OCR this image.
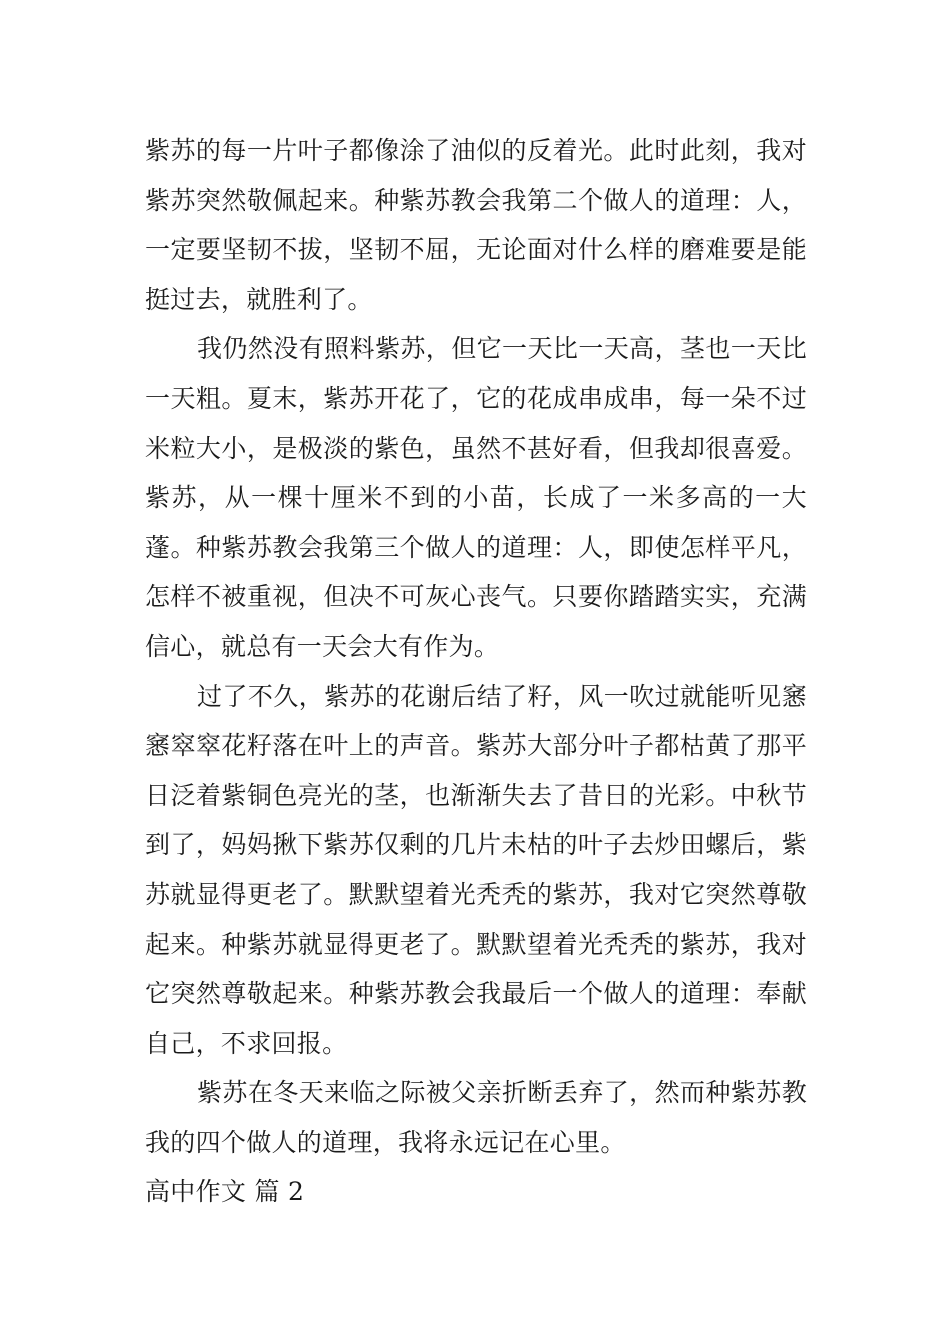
紫苏的每一片叶子都像涂了油似的反着光。此时此刻，我对紫苏突然敬佩起来。种紫苏教会我第二个做人的道理：人，一定要坚韧不拔，坚韧不屈，无论面对什么样的磨难要是能挺过去，就胜利了。

我仍然没有照料紫苏，但它一天比一天高，茎也一天比一天粗。夏末，紫苏开花了，它的花成串成串，每一朵不过米粒大小，是极淡的紫色，虽然不甚好看，但我却很喜爱。紫苏，从一棵十厘米不到的小苗，长成了一米多高的一大蓬。种紫苏教会我第三个做人的道理：人，即使怎样平凡，怎样不被重视，但决不可灰心丧气。只要你踏踏实实，充满信心，就总有一天会大有作为。

过了不久，紫苏的花谢后结了籽，风一吹过就能听见窸窸窣窣花籽落在叶上的声音。紫苏大部分叶子都枯黄了那平日泛着紫铜色亮光的茎，也渐渐失去了昔日的光彩。中秋节到了，妈妈揪下紫苏仅剩的几片未枯的叶子去炒田螺后，紫苏就显得更老了。默默望着光秃秃的紫苏，我对它突然尊敬起来。种紫苏就显得更老了。默默望着光秃秃的紫苏，我对它突然尊敬起来。种紫苏教会我最后一个做人的道理：奉献自己，不求回报。

紫苏在冬天来临之际被父亲折断丢弃了，然而种紫苏教我的四个做人的道理，我将永远记在心里。

高中作文 篇 2
